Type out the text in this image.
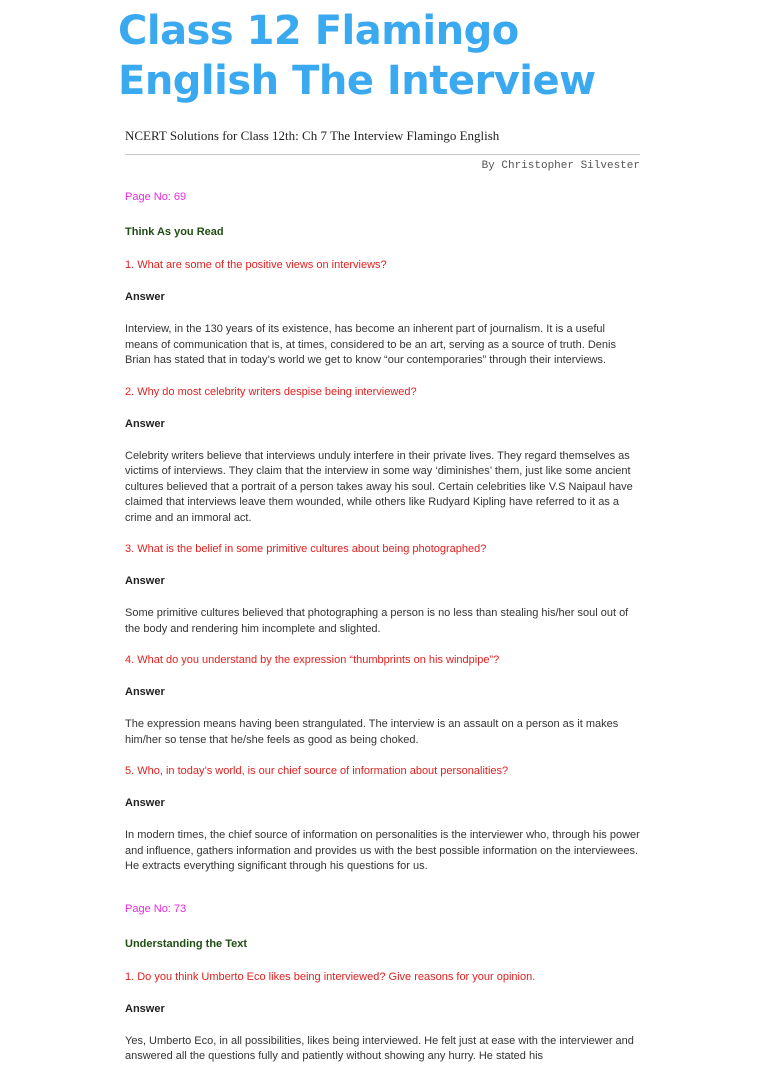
Class 12 Flamingo
English The Interview
NCERT Solutions for Class 12th: Ch 7 The Interview Flamingo English
By Christopher Silvester
Page No: 69
Think As you Read
1. What are some of the positive views on interviews?
Answer
Interview, in the 130 years of its existence, has become an inherent part of journalism. It is a useful means of communication that is, at times, considered to be an art, serving as a source of truth. Denis Brian has stated that in today’s world we get to know “our contemporaries” through their interviews.
2. Why do most celebrity writers despise being interviewed?
Answer
Celebrity writers believe that interviews unduly interfere in their private lives. They regard themselves as victims of interviews. They claim that the interview in some way ‘diminishes’ them, just like some ancient cultures believed that a portrait of a person takes away his soul. Certain celebrities like V.S Naipaul have claimed that interviews leave them wounded, while others like Rudyard Kipling have referred to it as a crime and an immoral act.
3. What is the belief in some primitive cultures about being photographed?
Answer
Some primitive cultures believed that photographing a person is no less than stealing his/her soul out of the body and rendering him incomplete and slighted.
4. What do you understand by the expression “thumbprints on his windpipe”?
Answer
The expression means having been strangulated. The interview is an assault on a person as it makes him/her so tense that he/she feels as good as being choked.
5. Who, in today’s world, is our chief source of information about personalities?
Answer
In modern times, the chief source of information on personalities is the interviewer who, through his power and influence, gathers information and provides us with the best possible information on the interviewees. He extracts everything significant through his questions for us.
Page No: 73
Understanding the Text
1. Do you think Umberto Eco likes being interviewed? Give reasons for your opinion.
Answer
Yes, Umberto Eco, in all possibilities, likes being interviewed. He felt just at ease with the interviewer and answered all the questions fully and patiently without showing any hurry. He stated his
